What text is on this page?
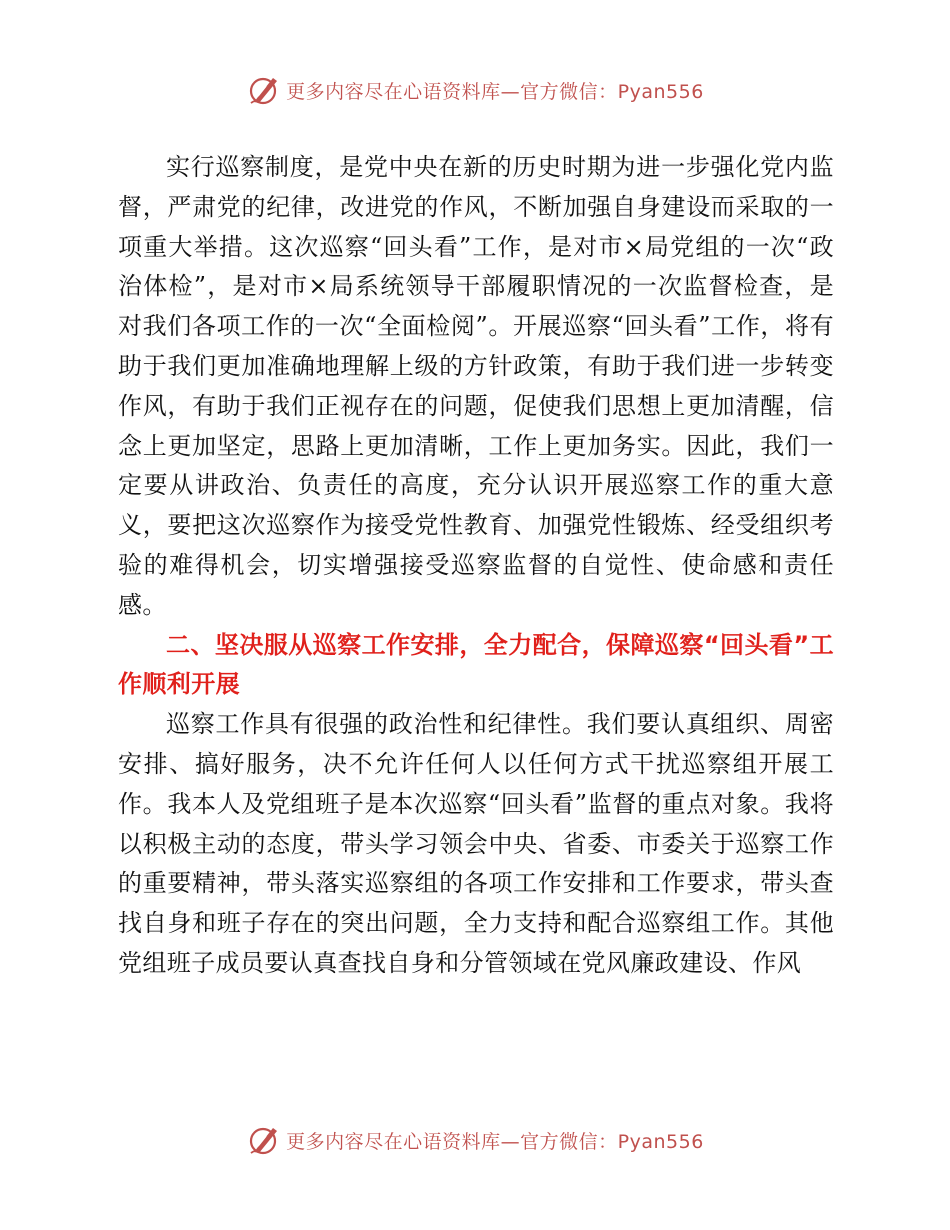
更多内容尽在心语资料库—官方微信：Pyan556

实行巡察制度，是党中央在新的历史时期为进一步强化党内监督，严肃党的纪律，改进党的作风，不断加强自身建设而采取的一项重大举措。这次巡察“回头看”工作，是对市×局党组的一次“政治体检”，是对市×局系统领导干部履职情况的一次监督检查，是对我们各项工作的一次“全面检阅”。开展巡察“回头看”工作，将有助于我们更加准确地理解上级的方针政策，有助于我们进一步转变作风，有助于我们正视存在的问题，促使我们思想上更加清醒，信念上更加坚定，思路上更加清晰，工作上更加务实。因此，我们一定要从讲政治、负责任的高度，充分认识开展巡察工作的重大意义，要把这次巡察作为接受党性教育、加强党性锻炼、经受组织考验的难得机会，切实增强接受巡察监督的自觉性、使命感和责任感。

二、坚决服从巡察工作安排，全力配合，保障巡察“回头看”工作顺利开展

巡察工作具有很强的政治性和纪律性。我们要认真组织、周密安排、搞好服务，决不允许任何人以任何方式干扰巡察组开展工作。我本人及党组班子是本次巡察“回头看”监督的重点对象。我将以积极主动的态度，带头学习领会中央、省委、市委关于巡察工作的重要精神，带头落实巡察组的各项工作安排和工作要求，带头查找自身和班子存在的突出问题，全力支持和配合巡察组工作。其他党组班子成员要认真查找自身和分管领域在党风廉政建设、作风

更多内容尽在心语资料库—官方微信：Pyan556
